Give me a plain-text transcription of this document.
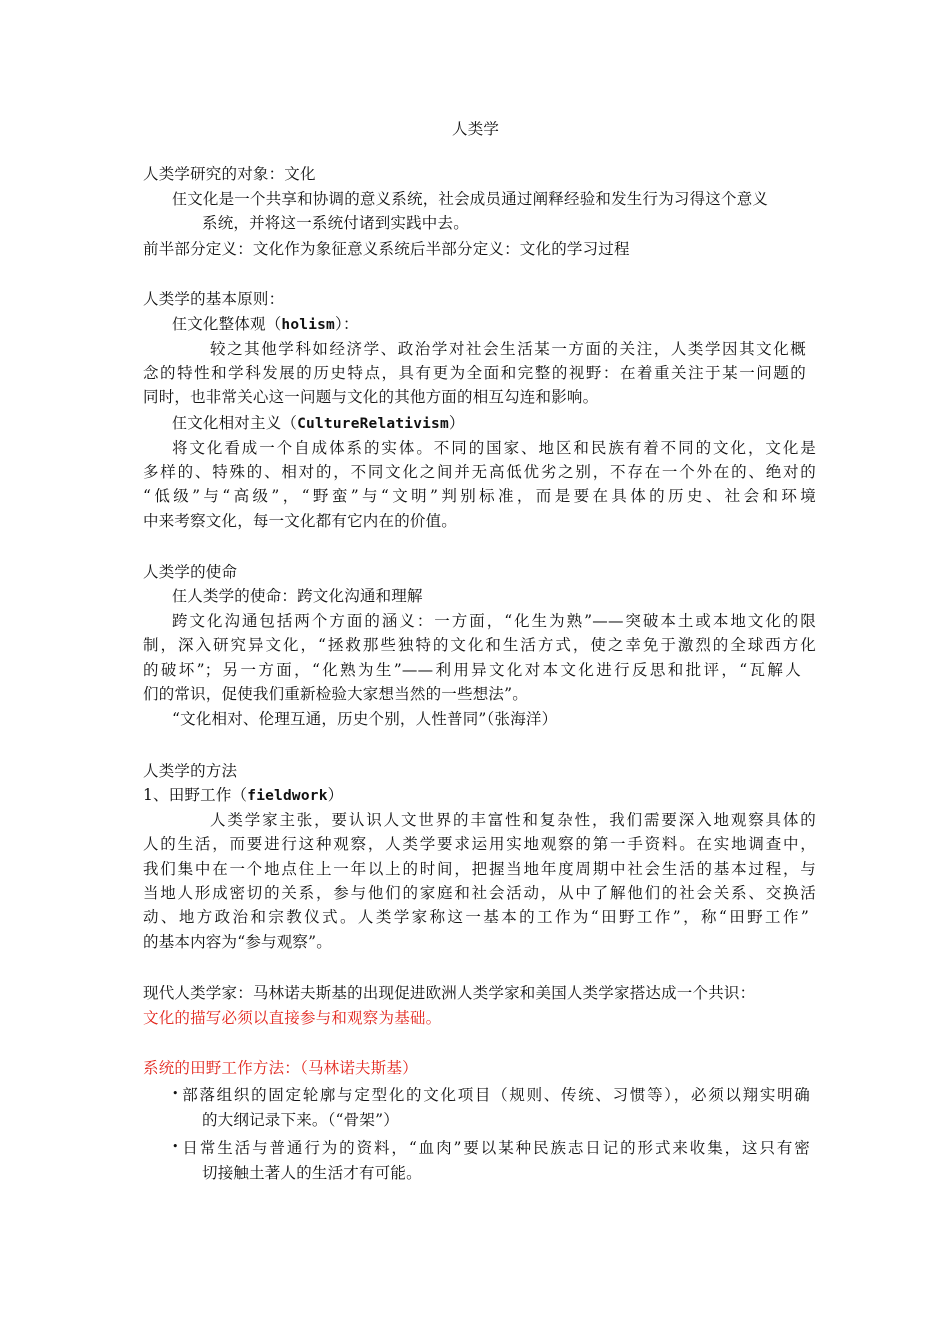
人类学
人类学研究的对象：文化
仼文化是一个共享和协调的意义系统，社会成员通过阐释经验和发生行为习得这个意义
系统，并将这一系统付诸到实践中去。
前半部分定义：文化作为象征意义系统后半部分定义：文化的学习过程
人类学的基本原则：
仼文化整体观（holism）：
较之其他学科如经济学、政治学对社会生活某一方面的关注，人类学因其文化概
念的特性和学科发展的历史特点，具有更为全面和完整的视野：在着重关注于某一问题的
同时，也非常关心这一问题与文化的其他方面的相互勾连和影响。
仼文化相对主义（CultureRelativism）
将文化看成一个自成体系的实体。不同的国家、地区和民族有着不同的文化，文化是
多样的、特殊的、相对的，不同文化之间并无高低优劣之别，不存在一个外在的、绝对的
“低级”与“高级”，“野蛮”与“文明”判别标准，而是要在具体的历史、社会和环境
中来考察文化，每一文化都有它内在的价值。
人类学的使命
仼人类学的使命：跨文化沟通和理解
跨文化沟通包括两个方面的涵义：一方面，“化生为熟”——突破本土或本地文化的限
制，深入研究异文化，“拯救那些独特的文化和生活方式，使之幸免于激烈的全球西方化
的破坏”；另一方面，“化熟为生”——利用异文化对本文化进行反思和批评，“瓦解人
们的常识，促使我们重新检验大家想当然的一些想法”。
“文化相对、伦理互通，历史个别，人性普同”（张海洋）
人类学的方法
1、田野工作（fieldwork）
人类学家主张，要认识人文世界的丰富性和复杂性，我们需要深入地观察具体的
人的生活，而要进行这种观察，人类学要求运用实地观察的第一手资料。在实地调查中，
我们集中在一个地点住上一年以上的时间，把握当地年度周期中社会生活的基本过程，与
当地人形成密切的关系，参与他们的家庭和社会活动，从中了解他们的社会关系、交换活
动、地方政治和宗教仪式。人类学家称这一基本的工作为“田野工作”，称“田野工作”
的基本内容为“参与观察”。
现代人类学家：马林诺夫斯基的出现促进欧洲人类学家和美国人类学家搭达成一个共识：
文化的描写必须以直接参与和观察为基础。
系统的田野工作方法：（马林诺夫斯基）
• 部落组织的固定轮廓与定型化的文化项目（规则、传统、习惯等），必须以翔实明确
的大纲记录下来。（“骨架”）
• 日常生活与普通行为的资料，“血肉”要以某种民族志日记的形式来收集，这只有密
切接触土著人的生活才有可能。
